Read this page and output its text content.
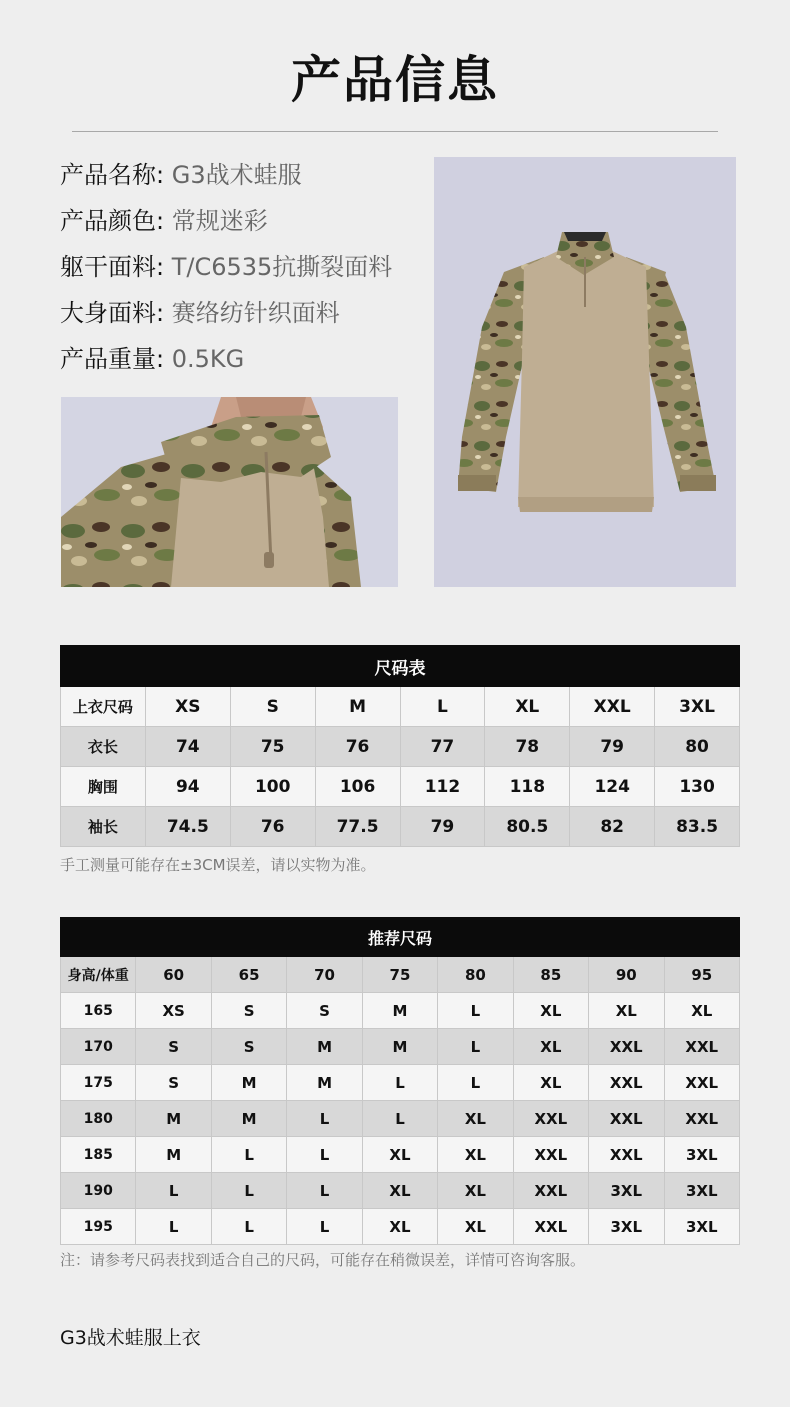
产品信息
产品名称: G3战术蛙服
产品颜色: 常规迷彩
躯干面料: T/C6535抗撕裂面料
大身面料: 赛络纺针织面料
产品重量: 0.5KG
尺码表							
上衣尺码	XS	S	M	L	XL	XXL	3XL
衣长	74	75	76	77	78	79	80
胸围	94	100	106	112	118	124	130
袖长	74.5	76	77.5	79	80.5	82	83.5
手工测量可能存在±3CM误差，请以实物为准。
推荐尺码								
身高/体重	60	65	70	75	80	85	90	95
165	XS	S	S	M	L	XL	XL	XL
170	S	S	M	M	L	XL	XXL	XXL
175	S	M	M	L	L	XL	XXL	XXL
180	M	M	L	L	XL	XXL	XXL	XXL
185	M	L	L	XL	XL	XXL	XXL	3XL
190	L	L	L	XL	XL	XXL	3XL	3XL
195	L	L	L	XL	XL	XXL	3XL	3XL
注：请参考尺码表找到适合自己的尺码，可能存在稍微误差，详情可咨询客服。
G3战术蛙服上衣
